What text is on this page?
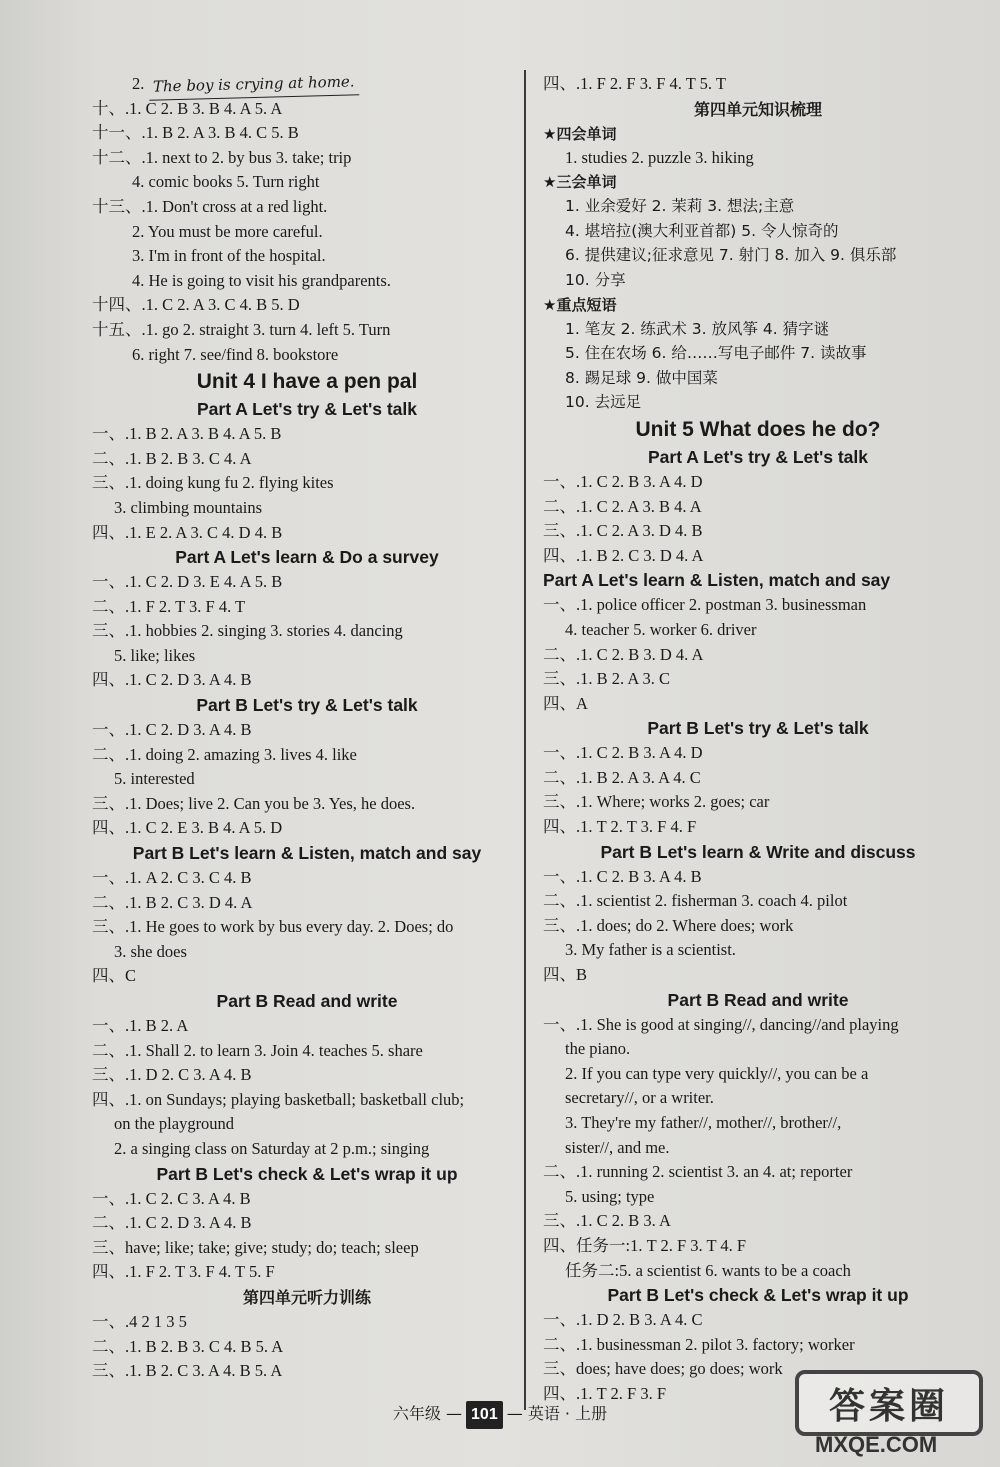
2. The boy is crying at home.
十、.1. C 2. B 3. B 4. A 5. A
十一、.1. B 2. A 3. B 4. C 5. B
十二、.1. next to 2. by bus 3. take; trip
4. comic books 5. Turn right
十三、.1. Don't cross at a red light.
2. You must be more careful.
3. I'm in front of the hospital.
4. He is going to visit his grandparents.
十四、.1. C 2. A 3. C 4. B 5. D
十五、.1. go 2. straight 3. turn 4. left 5. Turn
6. right 7. see/find 8. bookstore
Unit 4 I have a pen pal
Part A Let's try & Let's talk
一、.1. B 2. A 3. B 4. A 5. B
二、.1. B 2. B 3. C 4. A
三、.1. doing kung fu 2. flying kites
3. climbing mountains
四、.1. E 2. A 3. C 4. D 4. B
Part A Let's learn & Do a survey
一、.1. C 2. D 3. E 4. A 5. B
二、.1. F 2. T 3. F 4. T
三、.1. hobbies 2. singing 3. stories 4. dancing
5. like; likes
四、.1. C 2. D 3. A 4. B
Part B Let's try & Let's talk
一、.1. C 2. D 3. A 4. B
二、.1. doing 2. amazing 3. lives 4. like
5. interested
三、.1. Does; live 2. Can you be 3. Yes, he does.
四、.1. C 2. E 3. B 4. A 5. D
Part B Let's learn & Listen, match and say
一、.1. A 2. C 3. C 4. B
二、.1. B 2. C 3. D 4. A
三、.1. He goes to work by bus every day. 2. Does; do
3. she does
四、C
Part B Read and write
一、.1. B 2. A
二、.1. Shall 2. to learn 3. Join 4. teaches 5. share
三、.1. D 2. C 3. A 4. B
四、.1. on Sundays; playing basketball; basketball club;
on the playground
2. a singing class on Saturday at 2 p.m.; singing
Part B Let's check & Let's wrap it up
一、.1. C 2. C 3. A 4. B
二、.1. C 2. D 3. A 4. B
三、have; like; take; give; study; do; teach; sleep
四、.1. F 2. T 3. F 4. T 5. F
第四单元听力训练
一、.4 2 1 3 5
二、.1. B 2. B 3. C 4. B 5. A
三、.1. B 2. C 3. A 4. B 5. A
四、.1. F 2. F 3. F 4. T 5. T
第四单元知识梳理
★四会单词
1. studies 2. puzzle 3. hiking
★三会单词
1. 业余爱好 2. 茉莉 3. 想法;主意
4. 堪培拉(澳大利亚首都) 5. 令人惊奇的
6. 提供建议;征求意见 7. 射门 8. 加入 9. 俱乐部
10. 分享
★重点短语
1. 笔友 2. 练武术 3. 放风筝 4. 猜字谜
5. 住在农场 6. 给……写电子邮件 7. 读故事
8. 踢足球 9. 做中国菜
10. 去远足
Unit 5 What does he do?
Part A Let's try & Let's talk
一、.1. C 2. B 3. A 4. D
二、.1. C 2. A 3. B 4. A
三、.1. C 2. A 3. D 4. B
四、.1. B 2. C 3. D 4. A
Part A Let's learn & Listen, match and say
一、.1. police officer 2. postman 3. businessman
4. teacher 5. worker 6. driver
二、.1. C 2. B 3. D 4. A
三、.1. B 2. A 3. C
四、A
Part B Let's try & Let's talk
一、.1. C 2. B 3. A 4. D
二、.1. B 2. A 3. A 4. C
三、.1. Where; works 2. goes; car
四、.1. T 2. T 3. F 4. F
Part B Let's learn & Write and discuss
一、.1. C 2. B 3. A 4. B
二、.1. scientist 2. fisherman 3. coach 4. pilot
三、.1. does; do 2. Where does; work
3. My father is a scientist.
四、B
Part B Read and write
一、.1. She is good at singing//, dancing//and playing
the piano.
2. If you can type very quickly//, you can be a
secretary//, or a writer.
3. They're my father//, mother//, brother//,
sister//, and me.
二、.1. running 2. scientist 3. an 4. at; reporter
5. using; type
三、.1. C 2. B 3. A
四、任务一:1. T 2. F 3. T 4. F
任务二:5. a scientist 6. wants to be a coach
Part B Let's check & Let's wrap it up
一、.1. D 2. B 3. A 4. C
二、.1. businessman 2. pilot 3. factory; worker
三、does; have does; go does; work
四、.1. T 2. F 3. F
六年级 — 101 — 英语 · 上册	答案圈
MXQE.COM
